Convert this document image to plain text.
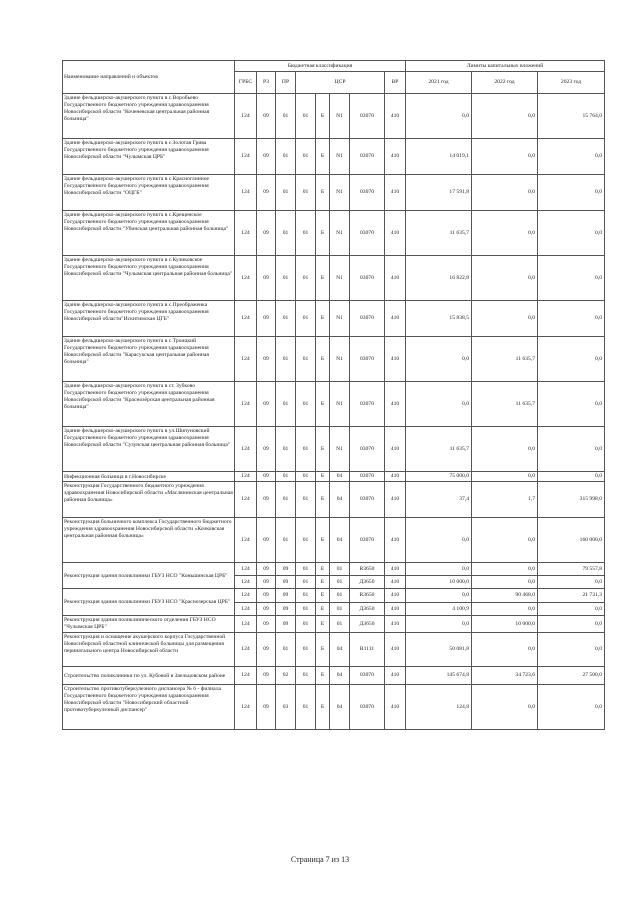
Наименование направлений и объектов	Бюджетная классификация								Лимиты капитальных вложений		
	ГРБС	РЗ	ПР	ЦСР				ВР	2021 год	2022 год	2023 год
Здание фельдшерско-акушерского пункта в с.Воробьево Государственного бюджетного учреждения здравоохранения Новосибирской области "Коченевская центральная районная больница"	124	09	01	01	Б	N1	03070	410	0,0	0,0	15 764,0
Здание фельдшерско-акушерского пункта в с.Золотая Грива Государственного бюджетного учреждения здравоохранения Новосибирской области "Чулымская ЦРБ"	124	09	01	01	Б	N1	03070	410	14 019,1	0,0	0,0
Здание фельдшерско-акушерского пункта в с.Красноглинное Государственного бюджетного учреждения здравоохранения Новосибирской области "ОЦГБ"	124	09	01	01	Б	N1	03070	410	17 591,8	0,0	0,0
Здание фельдшерско-акушерского пункта в с.Крещенское Государственного бюджетного учреждения здравоохранения Новосибирской области "Убинская центральная районная больница"	124	09	01	01	Б	N1	03070	410	11 635,7	0,0	0,0
Здание фельдшерско-акушерского пункта в с.Куликовское Государственного бюджетного учреждения здравоохранения Новосибирской области "Чулымская центральная районная больница"	124	09	01	01	Б	N1	03070	410	16 822,8	0,0	0,0
Здание фельдшерско-акушерского пункта в с.Преображенка Государственного бюджетного учреждения здравоохранения Новосибирской области"Искитимская ЦГБ"	124	09	01	01	Б	N1	03070	410	15 838,5	0,0	0,0
Здание фельдшерско-акушерского пункта в с.Троицкий Государственного бюджетного учреждения здравоохранения Новосибирской области "Карасукская центральная районная больница"	124	09	01	01	Б	N1	03070	410	0,0	11 635,7	0,0
Здание фельдшерско-акушерского пункта в ст. Зубково Государственного бюджетного учреждения здравоохранения Новосибирской области "Краснозёрская центральная районная больница"	124	09	01	01	Б	N1	03070	410	0,0	11 635,7	0,0
Здание фельдшерско-акушерского пункта в ул.Шипуновский Государственного бюджетного учреждения здравоохранения Новосибирской области "Сузунская центральная районная больница"	124	09	01	01	Б	N1	03070	410	11 635,7	0,0	0,0
Инфекционная больница в г.Новосибирске	124	09	01	01	Б	04	03070	410	75 000,0	0,0	0,0
Реконструкция Государственного бюджетного учреждения здравоохранения Новосибирской области «Маслянинская центральная районная больница»	124	09	01	01	Б	04	03070	410	37,4	1,7	315 998,0
Реконструкция больничного комплекса Государственного бюджетного учреждения здравоохранения Новосибирской области «Кочковская центральная районная больница»	124	09	01	01	Б	04	03070	410	0,0	0,0	160 000,0
Реконструкция здания поликлиники ГБУЗ НСО "Коньшинская ЦРБ"	124	09	09	01	Е	01	R3650	410	0,0	0,0	79 557,8
	124	09	09	01	Е	01	Д3650	410	10 000,0	0,0	0,0
Реконструкция здания поликлиники ГБУЗ НСО "Краснозерская ЦРБ"	124	09	09	01	Е	01	R3650	410	0,0	90 468,0	21 731,3
	124	09	09	01	Е	01	Д3650	410	4 100,9	0,0	0,0
Реконструкция здания поликлинического отделения ГБУЗ НСО "Чулымская ЦРБ"	124	09	09	01	Е	01	Д3650	410	0,0	10 000,0	0,0
Реконструкция и оснащение акушерского корпуса Государственной Новосибирской областной клинической больницы для размещения перинатального центра Новосибирской области	124	09	01	01	Б	04	R1111	410	50 081,8	0,0	0,0
Строительство поликлиники по ул. Кубовой в Заельцовском районе	124	09	02	01	Б	04	03070	410	145 674,8	34 723,6	27 500,0
Строительство противотуберкулезного диспансера № 6 - филиала Государственного бюджетного учреждения здравоохранения Новосибирской области "Новосибирский областной противотуберкулезный диспансер"	124	09	03	01	Б	04	03070	410	124,8	0,0	0,0
Страница 7 из 13
